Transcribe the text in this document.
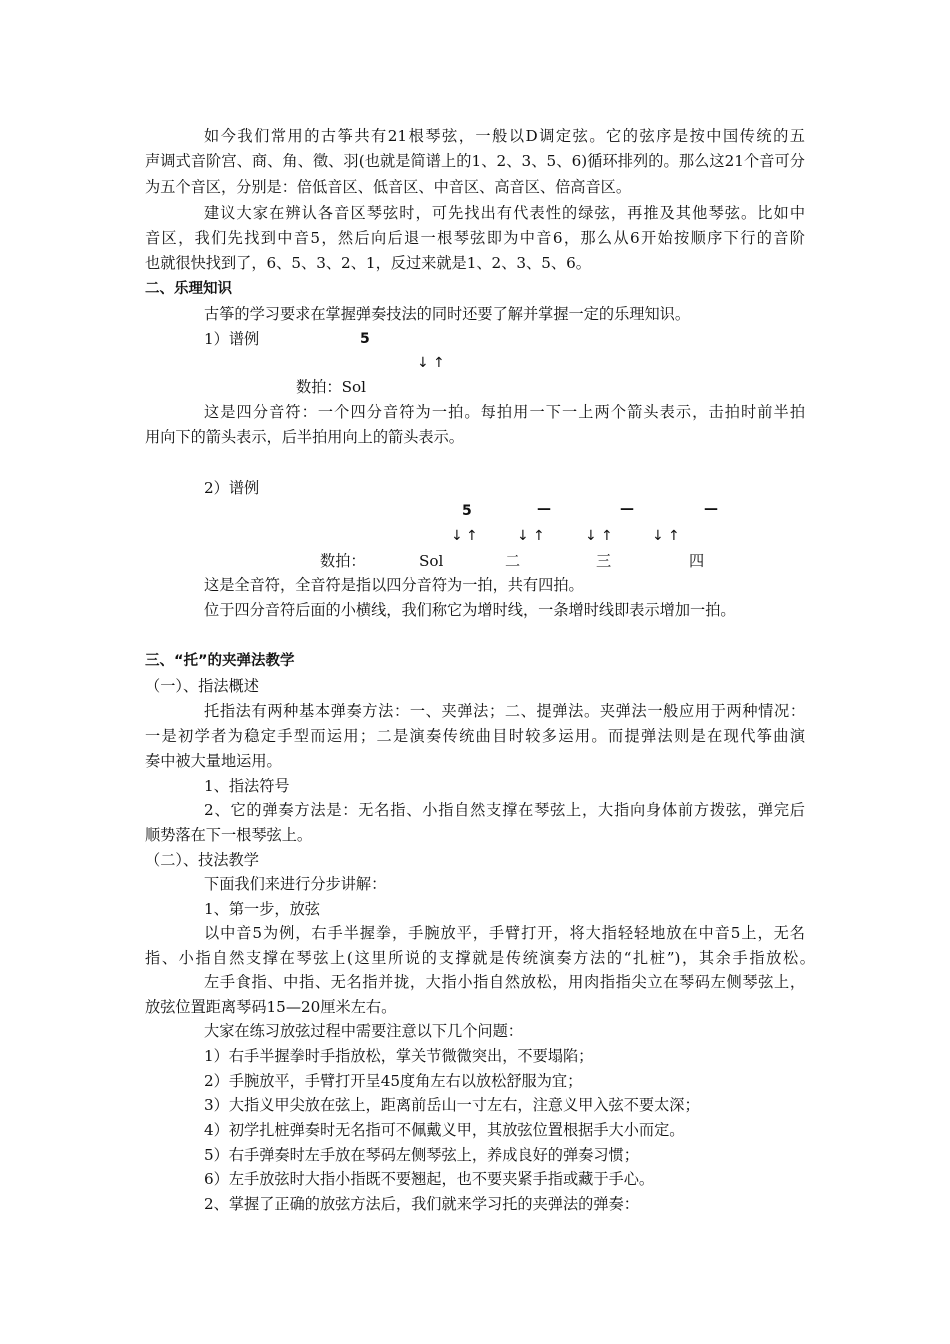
如今我们常用的古筝共有21根琴弦，一般以D调定弦。它的弦序是按中国传统的五
声调式音阶宫、商、角、徵、羽(也就是简谱上的1、2、3、5、6)循环排列的。那么这21个音可分
为五个音区，分别是：倍低音区、低音区、中音区、高音区、倍高音区。
建议大家在辨认各音区琴弦时，可先找出有代表性的绿弦，再推及其他琴弦。比如中
音区，我们先找到中音5，然后向后退一根琴弦即为中音6，那么从6开始按顺序下行的音阶
也就很快找到了，6、5、3、2、1，反过来就是1、2、3、5、6。
二、乐理知识
古筝的学习要求在掌握弹奏技法的同时还要了解并掌握一定的乐理知识。
1）谱例	5
↓ ↑
数拍：Sol
这是四分音符：一个四分音符为一拍。每拍用一下一上两个箭头表示，击拍时前半拍
用向下的箭头表示，后半拍用向上的箭头表示。
2）谱例
5	—	—	—
↓ ↑	↓ ↑	↓ ↑	↓ ↑
数拍：	Sol	二	三	四
这是全音符，全音符是指以四分音符为一拍，共有四拍。
位于四分音符后面的小横线，我们称它为增时线，一条增时线即表示增加一拍。
三、“托”的夹弹法教学
（一）、指法概述
托指法有两种基本弹奏方法：一、夹弹法；二、提弹法。夹弹法一般应用于两种情况：
一是初学者为稳定手型而运用；二是演奏传统曲目时较多运用。而提弹法则是在现代筝曲演
奏中被大量地运用。
1、指法符号
2、它的弹奏方法是：无名指、小指自然支撑在琴弦上，大指向身体前方拨弦，弹完后
顺势落在下一根琴弦上。
（二）、技法教学
下面我们来进行分步讲解：
1、第一步，放弦
以中音5为例，右手半握拳，手腕放平，手臂打开，将大指轻轻地放在中音5上，无名
指、小指自然支撑在琴弦上(这里所说的支撑就是传统演奏方法的“扎桩”)，其余手指放松。
左手食指、中指、无名指并拢，大指小指自然放松，用肉指指尖立在琴码左侧琴弦上，
放弦位置距离琴码15—20厘米左右。
大家在练习放弦过程中需要注意以下几个问题：
1）右手半握拳时手指放松，掌关节微微突出，不要塌陷；
2）手腕放平，手臂打开呈45度角左右以放松舒服为宜；
3）大指义甲尖放在弦上，距离前岳山一寸左右，注意义甲入弦不要太深；
4）初学扎桩弹奏时无名指可不佩戴义甲，其放弦位置根据手大小而定。
5）右手弹奏时左手放在琴码左侧琴弦上，养成良好的弹奏习惯；
6）左手放弦时大指小指既不要翘起，也不要夹紧手指或藏于手心。
2、掌握了正确的放弦方法后，我们就来学习托的夹弹法的弹奏：
